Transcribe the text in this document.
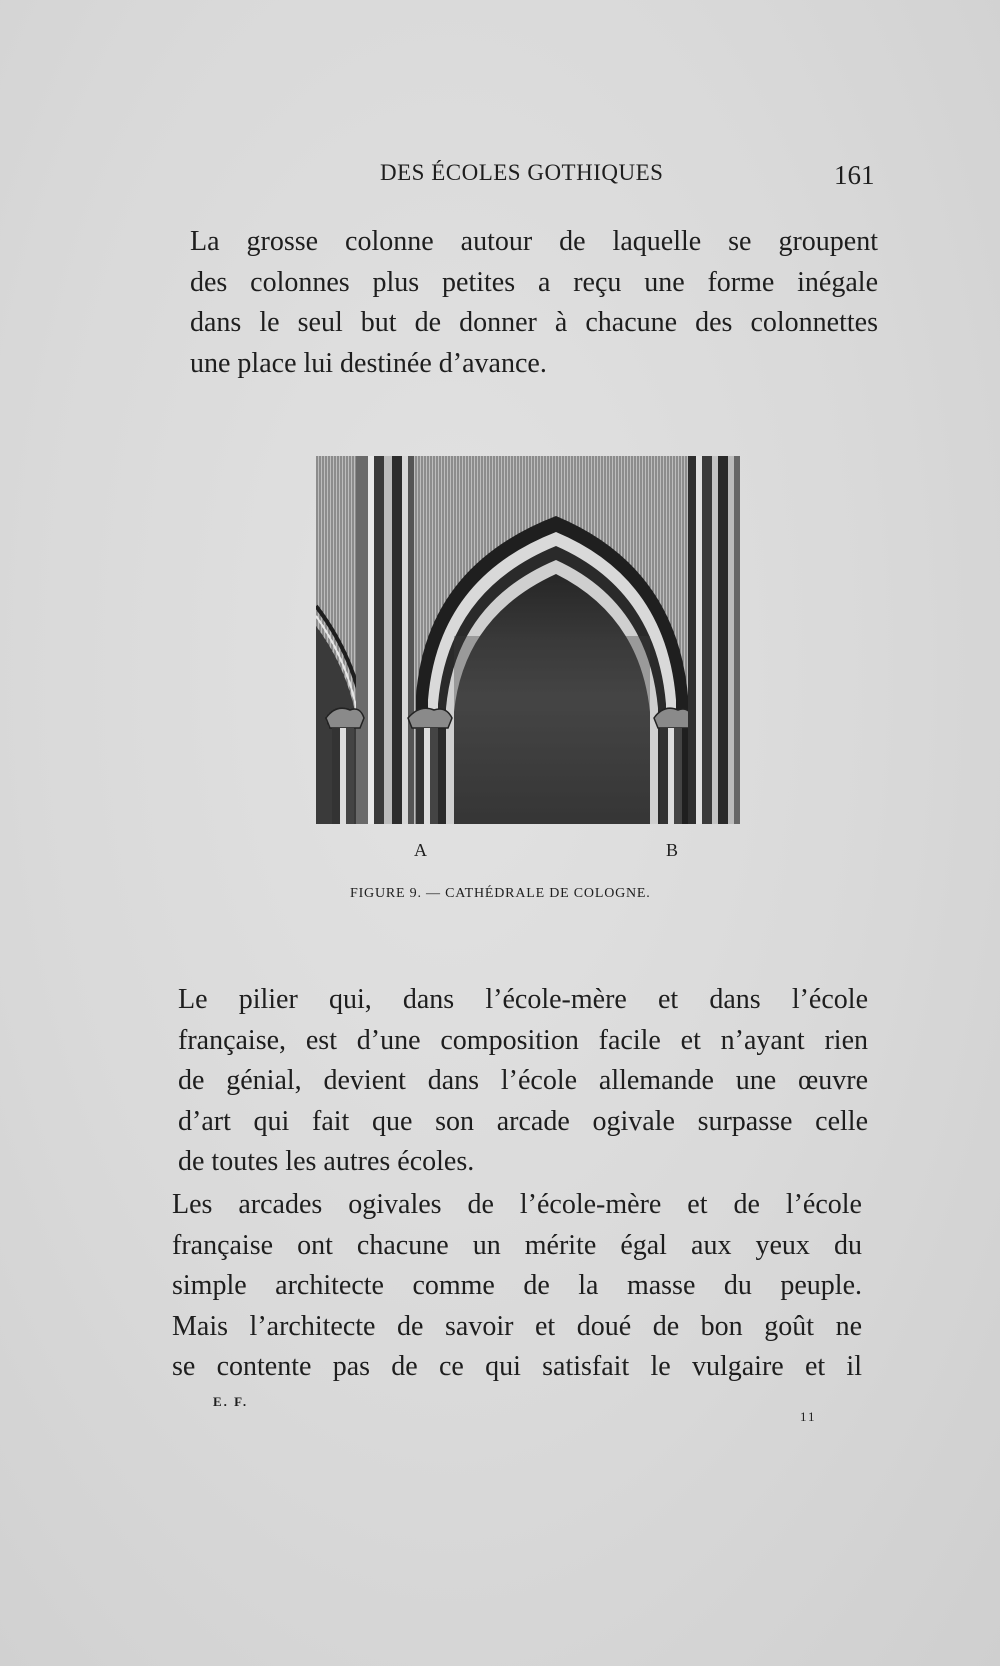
DES ÉCOLES GOTHIQUES	161

La grosse colonne autour de laquelle se groupent
des colonnes plus petites a reçu une forme inégale
dans le seul but de donner à chacune des colonnettes
une place lui destinée d’avance.

A	B
FIGURE 9. — CATHÉDRALE DE COLOGNE.

Le pilier qui, dans l’école-mère et dans l’école
française, est d’une composition facile et n’ayant rien
de génial, devient dans l’école allemande une œuvre
d’art qui fait que son arcade ogivale surpasse celle
de toutes les autres écoles.

Les arcades ogivales de l’école-mère et de l’école
française ont chacune un mérite égal aux yeux du
simple architecte comme de la masse du peuple.
Mais l’architecte de savoir et doué de bon goût ne
se contente pas de ce qui satisfait le vulgaire et il

E. F.
11
